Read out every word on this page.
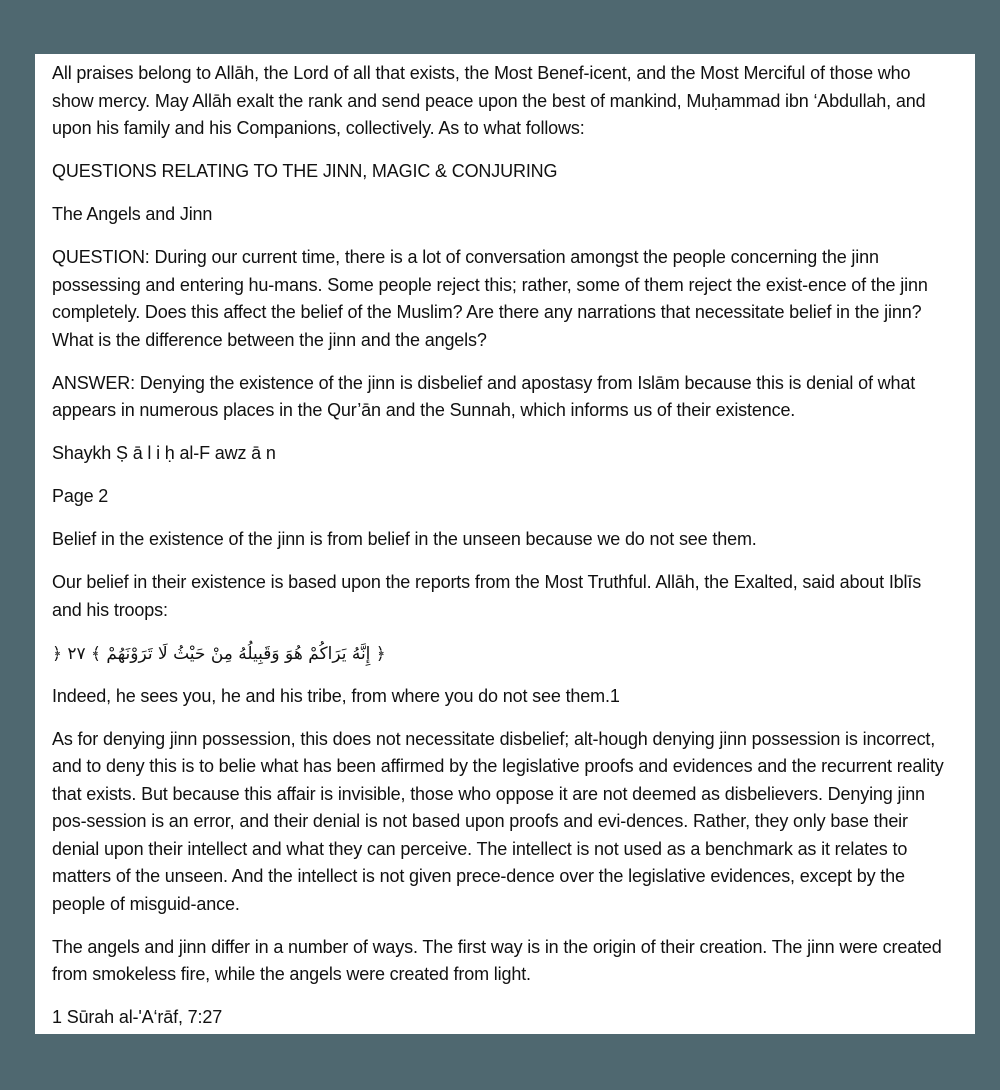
All praises belong to Allāh, the Lord of all that exists, the Most Benef-icent, and the Most Merciful of those who show mercy. May Allāh exalt the rank and send peace upon the best of mankind, Muḥammad ibn ‘Abdullah, and upon his family and his Companions, collectively. As to what follows:

QUESTIONS RELATING TO THE JINN, MAGIC & CONJURING

The Angels and Jinn

QUESTION: During our current time, there is a lot of conversation amongst the people concerning the jinn possessing and entering hu-mans. Some people reject this; rather, some of them reject the exist-ence of the jinn completely. Does this affect the belief of the Muslim? Are there any narrations that necessitate belief in the jinn? What is the difference between the jinn and the angels?

ANSWER: Denying the existence of the jinn is disbelief and apostasy from Islām because this is denial of what appears in numerous places in the Qur’ān and the Sunnah, which informs us of their existence.

Shaykh Ṣ ā l i ḥ al-F awz ā n

Page 2

Belief in the existence of the jinn is from belief in the unseen because we do not see them.

Our belief in their existence is based upon the reports from the Most Truthful. Allāh, the Exalted, said about Iblīs and his troops:

﴿ إِنَّهُ يَرَاكُمْ هُوَ وَقَبِيلُهُ مِنْ حَيْثُ لَا تَرَوْنَهُمْ ﴾ ٢٧ ﴿

Indeed, he sees you, he and his tribe, from where you do not see them.1

As for denying jinn possession, this does not necessitate disbelief; alt-hough denying jinn possession is incorrect, and to deny this is to belie what has been affirmed by the legislative proofs and evidences and the recurrent reality that exists. But because this affair is invisible, those who oppose it are not deemed as disbelievers. Denying jinn pos-session is an error, and their denial is not based upon proofs and evi-dences. Rather, they only base their denial upon their intellect and what they can perceive. The intellect is not used as a benchmark as it relates to matters of the unseen. And the intellect is not given prece-dence over the legislative evidences, except by the people of misguid-ance.

The angels and jinn differ in a number of ways. The first way is in the origin of their creation. The jinn were created from smokeless fire, while the angels were created from light.

1 Sūrah al-'A‘rāf, 7:27
